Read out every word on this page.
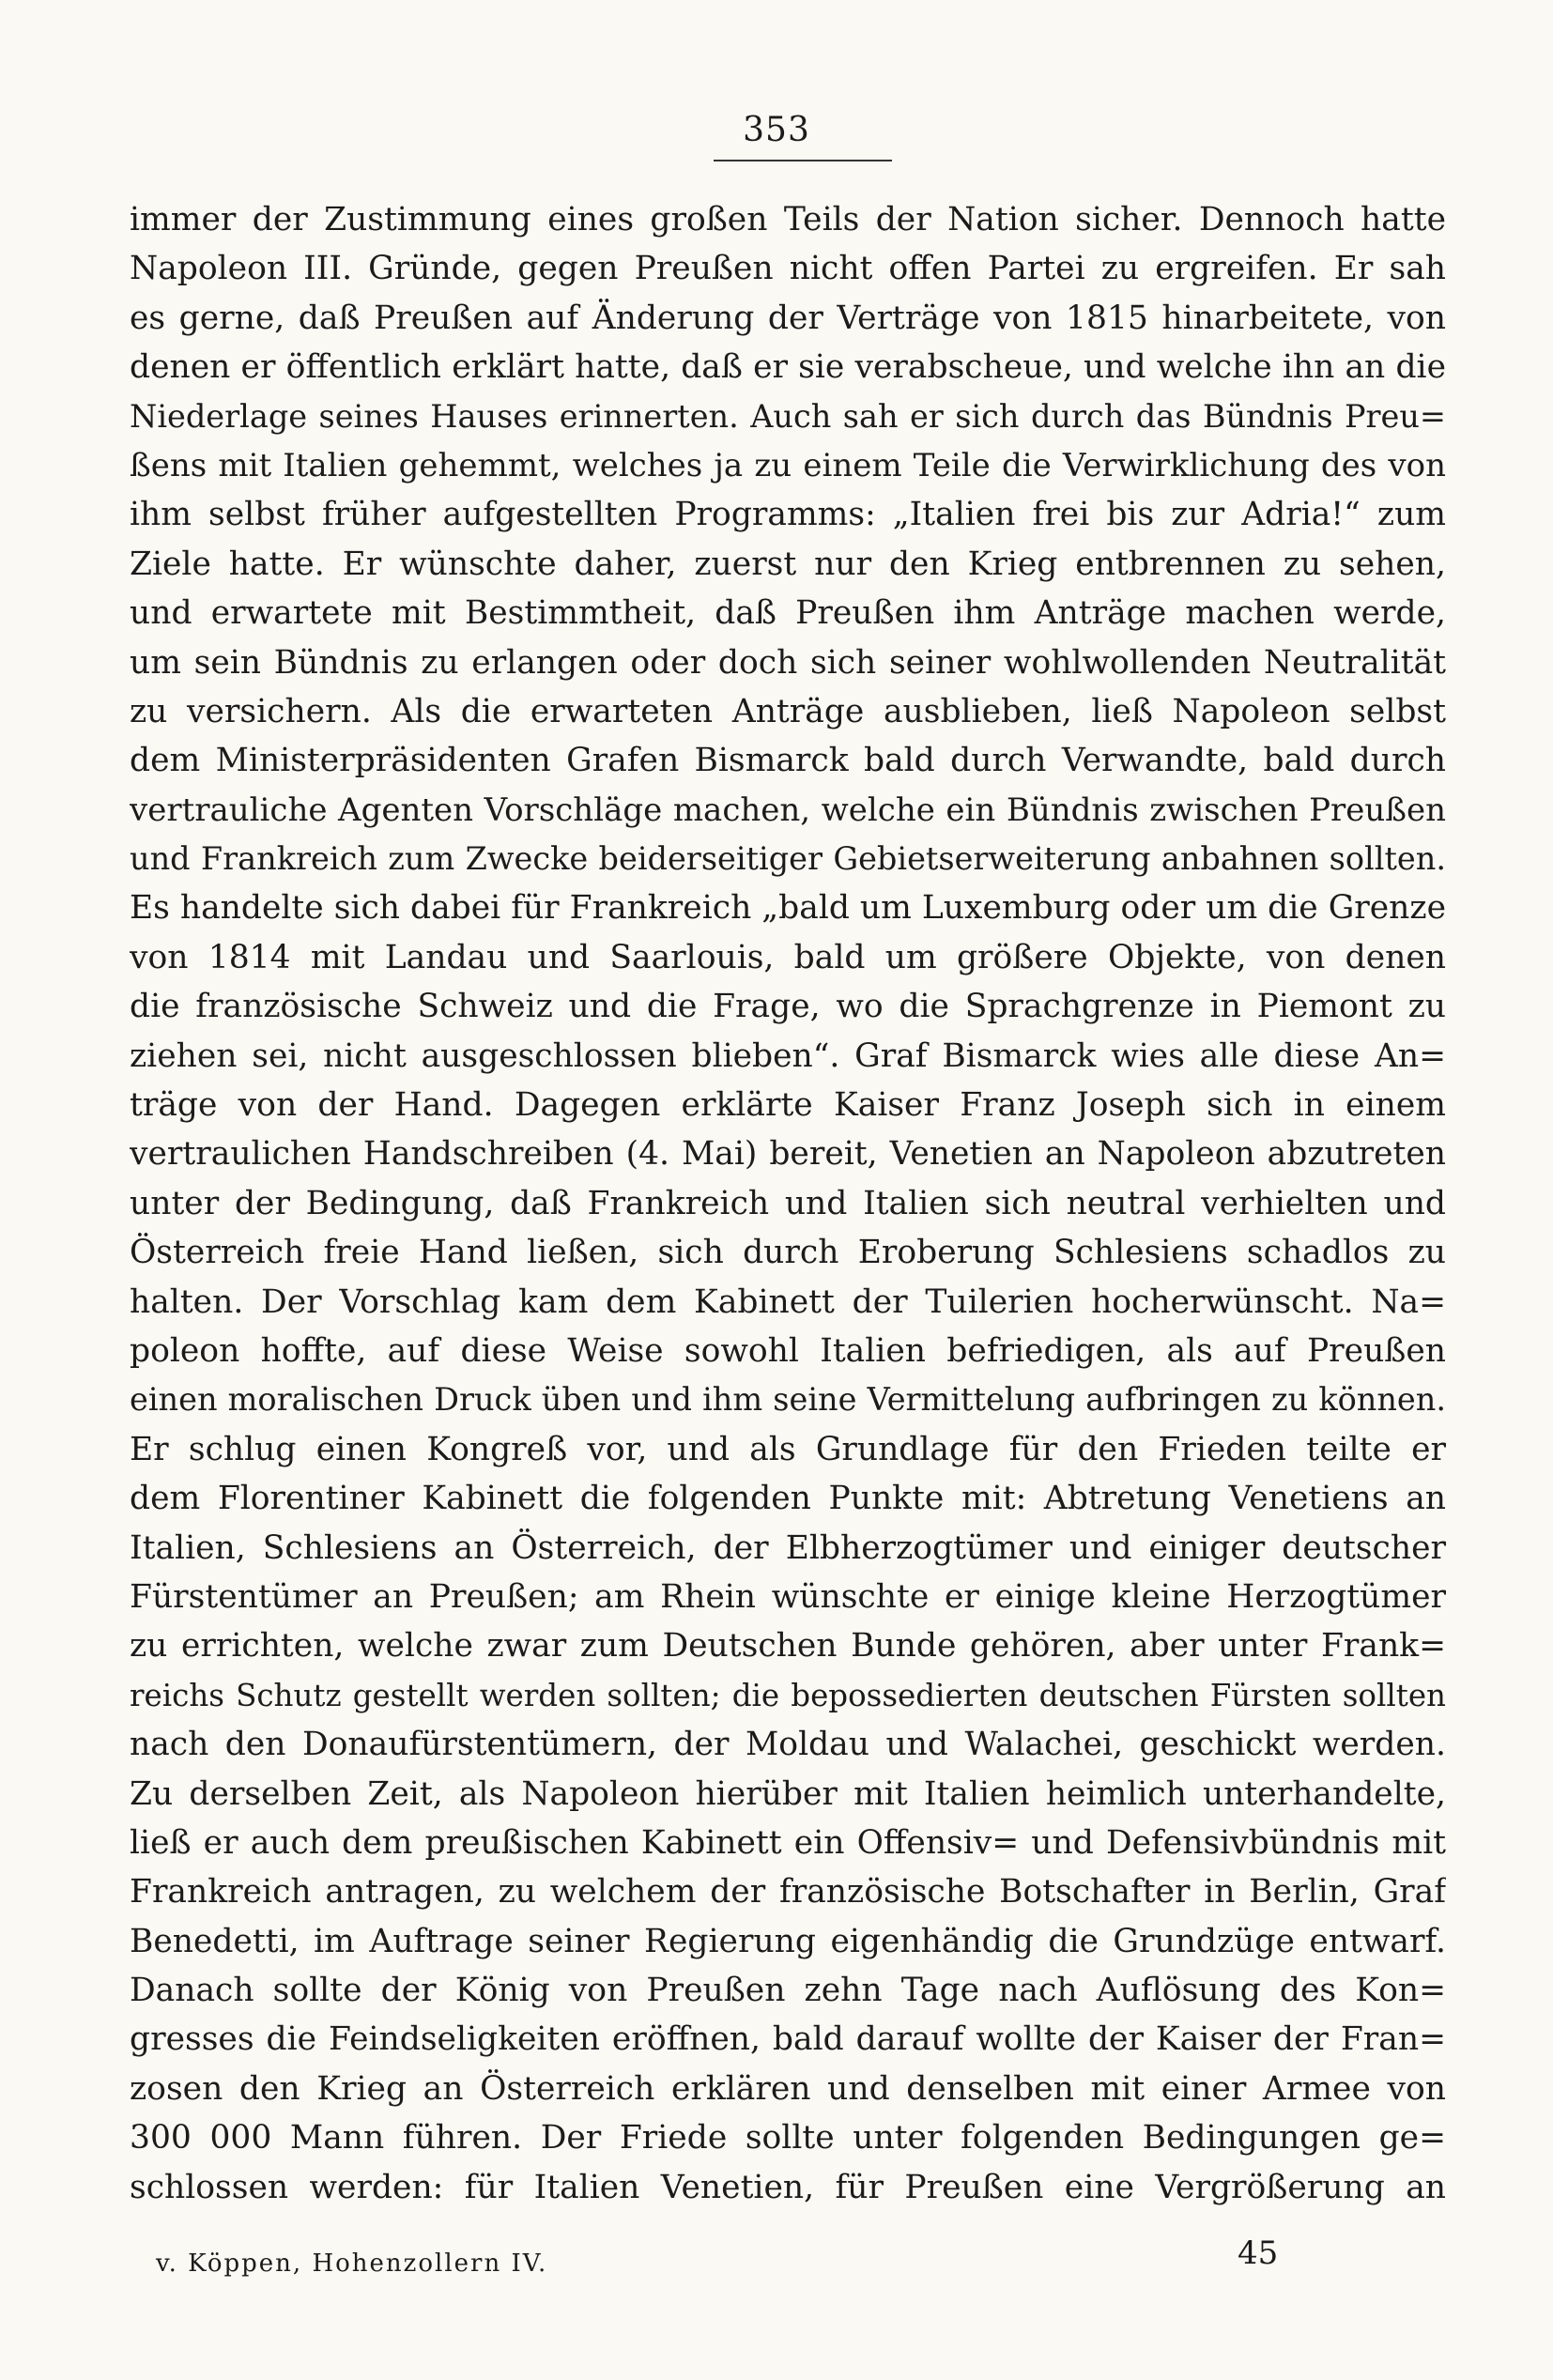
353
immer der Zustimmung eines großen Teils der Nation sicher. Dennoch hatte
Napoleon III. Gründe, gegen Preußen nicht offen Partei zu ergreifen. Er sah
es gerne, daß Preußen auf Änderung der Verträge von 1815 hinarbeitete, von
denen er öffentlich erklärt hatte, daß er sie verabscheue, und welche ihn an die
Niederlage seines Hauses erinnerten. Auch sah er sich durch das Bündnis Preu=
ßens mit Italien gehemmt, welches ja zu einem Teile die Verwirklichung des von
ihm selbst früher aufgestellten Programms: „Italien frei bis zur Adria!“ zum
Ziele hatte. Er wünschte daher, zuerst nur den Krieg entbrennen zu sehen,
und erwartete mit Bestimmtheit, daß Preußen ihm Anträge machen werde,
um sein Bündnis zu erlangen oder doch sich seiner wohlwollenden Neutralität
zu versichern. Als die erwarteten Anträge ausblieben, ließ Napoleon selbst
dem Ministerpräsidenten Grafen Bismarck bald durch Verwandte, bald durch
vertrauliche Agenten Vorschläge machen, welche ein Bündnis zwischen Preußen
und Frankreich zum Zwecke beiderseitiger Gebietserweiterung anbahnen sollten.
Es handelte sich dabei für Frankreich „bald um Luxemburg oder um die Grenze
von 1814 mit Landau und Saarlouis, bald um größere Objekte, von denen
die französische Schweiz und die Frage, wo die Sprachgrenze in Piemont zu
ziehen sei, nicht ausgeschlossen blieben“. Graf Bismarck wies alle diese An=
träge von der Hand. Dagegen erklärte Kaiser Franz Joseph sich in einem
vertraulichen Handschreiben (4. Mai) bereit, Venetien an Napoleon abzutreten
unter der Bedingung, daß Frankreich und Italien sich neutral verhielten und
Österreich freie Hand ließen, sich durch Eroberung Schlesiens schadlos zu
halten. Der Vorschlag kam dem Kabinett der Tuilerien hocherwünscht. Na=
poleon hoffte, auf diese Weise sowohl Italien befriedigen, als auf Preußen
einen moralischen Druck üben und ihm seine Vermittelung aufbringen zu können.
Er schlug einen Kongreß vor, und als Grundlage für den Frieden teilte er
dem Florentiner Kabinett die folgenden Punkte mit: Abtretung Venetiens an
Italien, Schlesiens an Österreich, der Elbherzogtümer und einiger deutscher
Fürstentümer an Preußen; am Rhein wünschte er einige kleine Herzogtümer
zu errichten, welche zwar zum Deutschen Bunde gehören, aber unter Frank=
reichs Schutz gestellt werden sollten; die bepossedierten deutschen Fürsten sollten
nach den Donaufürstentümern, der Moldau und Walachei, geschickt werden.
Zu derselben Zeit, als Napoleon hierüber mit Italien heimlich unterhandelte,
ließ er auch dem preußischen Kabinett ein Offensiv= und Defensivbündnis mit
Frankreich antragen, zu welchem der französische Botschafter in Berlin, Graf
Benedetti, im Auftrage seiner Regierung eigenhändig die Grundzüge entwarf.
Danach sollte der König von Preußen zehn Tage nach Auflösung des Kon=
gresses die Feindseligkeiten eröffnen, bald darauf wollte der Kaiser der Fran=
zosen den Krieg an Österreich erklären und denselben mit einer Armee von
300 000 Mann führen. Der Friede sollte unter folgenden Bedingungen ge=
schlossen werden: für Italien Venetien, für Preußen eine Vergrößerung an
v. Köppen, Hohenzollern IV.	45
